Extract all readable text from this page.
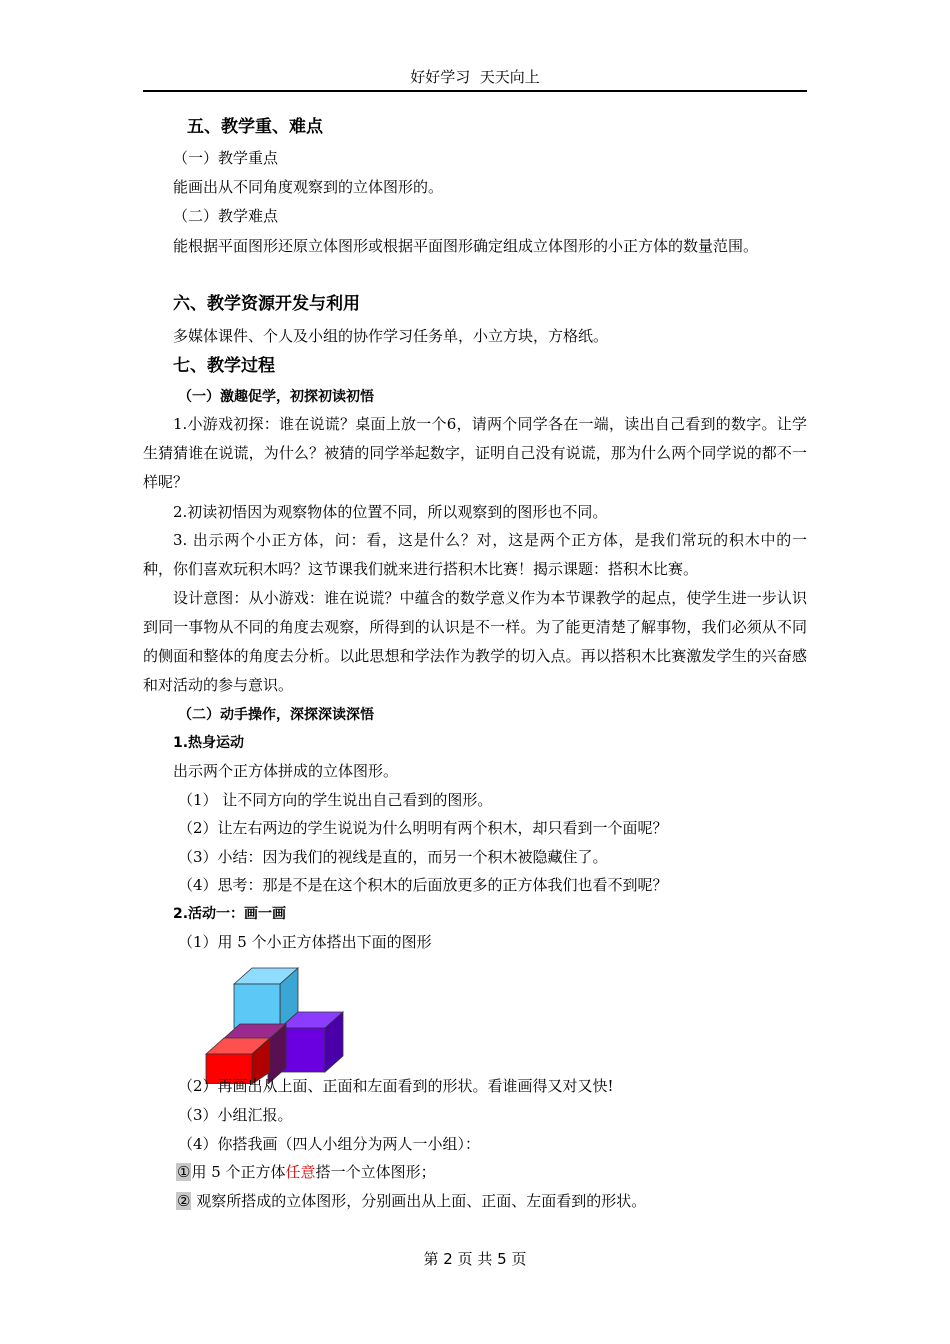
好好学习  天天向上
五、教学重、难点
（一）教学重点
能画出从不同角度观察到的立体图形的。
（二）教学难点
能根据平面图形还原立体图形或根据平面图形确定组成立体图形的小正方体的数量范围。
六、教学资源开发与利用
多媒体课件、个人及小组的协作学习任务单，小立方块，方格纸。
七、教学过程
（一）激趣促学，初探初读初悟
1.小游戏初探：谁在说谎？桌面上放一个6，请两个同学各在一端，读出自己看到的数字。让学生猜猜谁在说谎，为什么？被猜的同学举起数字，证明自己没有说谎，那为什么两个同学说的都不一样呢？
2.初读初悟因为观察物体的位置不同，所以观察到的图形也不同。
3. 出示两个小正方体，问：看，这是什么？对，这是两个正方体，是我们常玩的积木中的一种，你们喜欢玩积木吗？这节课我们就来进行搭积木比赛！揭示课题：搭积木比赛。
设计意图：从小游戏：谁在说谎？中蕴含的数学意义作为本节课教学的起点，使学生进一步认识到同一事物从不同的角度去观察，所得到的认识是不一样。为了能更清楚了解事物，我们必须从不同的侧面和整体的角度去分析。以此思想和学法作为教学的切入点。再以搭积木比赛激发学生的兴奋感和对活动的参与意识。
（二）动手操作，深探深读深悟
1.热身运动
出示两个正方体拼成的立体图形。
（1） 让不同方向的学生说出自己看到的图形。
（2）让左右两边的学生说说为什么明明有两个积木，却只看到一个面呢？
（3）小结：因为我们的视线是直的，而另一个积木被隐藏住了。
（4）思考：那是不是在这个积木的后面放更多的正方体我们也看不到呢？
2.活动一：画一画
（1）用 5 个小正方体搭出下面的图形
（2）再画出从上面、正面和左面看到的形状。看谁画得又对又快!
（3）小组汇报。
（4）你搭我画（四人小组分为两人一小组）：
①用 5 个正方体任意搭一个立体图形；
② 观察所搭成的立体图形，分别画出从上面、正面、左面看到的形状。
第 2 页 共 5 页
